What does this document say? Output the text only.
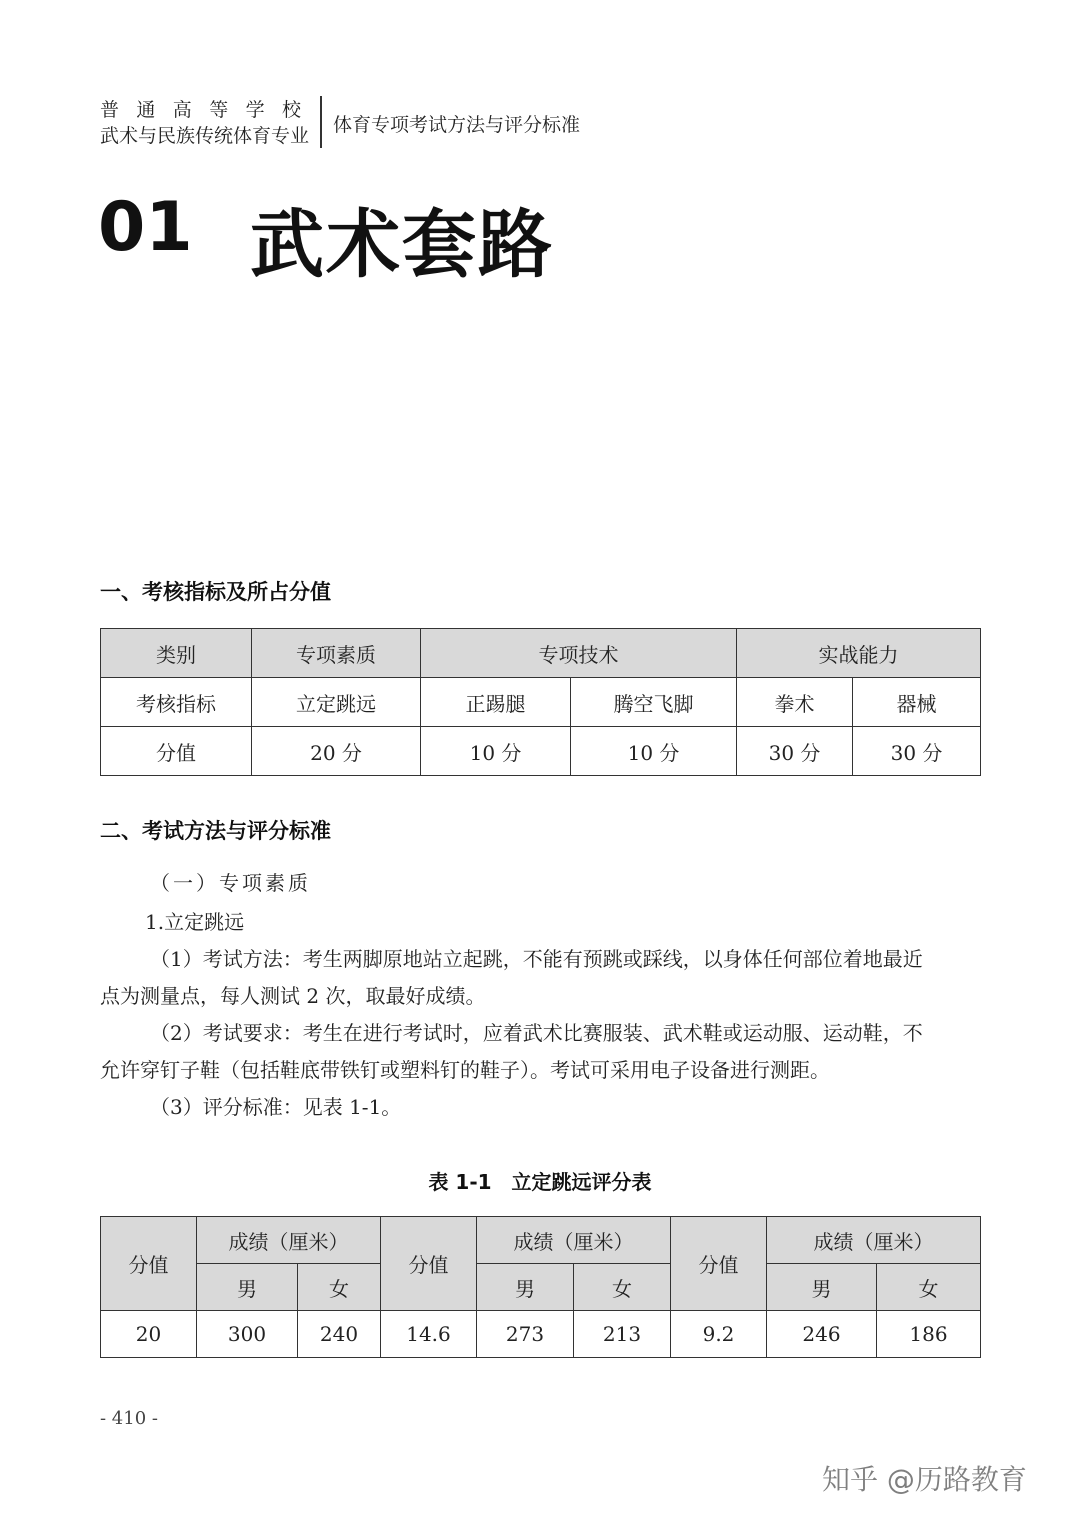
普通高等学校
武术与民族传统体育专业 体育专项考试方法与评分标准
01 武术套路
一、考核指标及所占分值
类别	专项素质	专项技术		实战能力	
考核指标	立定跳远	正踢腿	腾空飞脚	拳术	器械
分值	20 分	10 分	10 分	30 分	30 分
二、考试方法与评分标准
（一）专项素质
1.立定跳远
（1）考试方法：考生两脚原地站立起跳，不能有预跳或踩线，以身体任何部位着地最近
点为测量点，每人测试 2 次，取最好成绩。
（2）考试要求：考生在进行考试时，应着武术比赛服装、武术鞋或运动服、运动鞋，不
允许穿钉子鞋（包括鞋底带铁钉或塑料钉的鞋子）。考试可采用电子设备进行测距。
（3）评分标准：见表 1-1。
表 1-1　立定跳远评分表
分值	成绩（厘米）		分值	成绩（厘米）		分值	成绩（厘米）	
	男	女		男	女		男	女
20	300	240	14.6	273	213	9.2	246	186
- 410 -
知乎 @历路教育
